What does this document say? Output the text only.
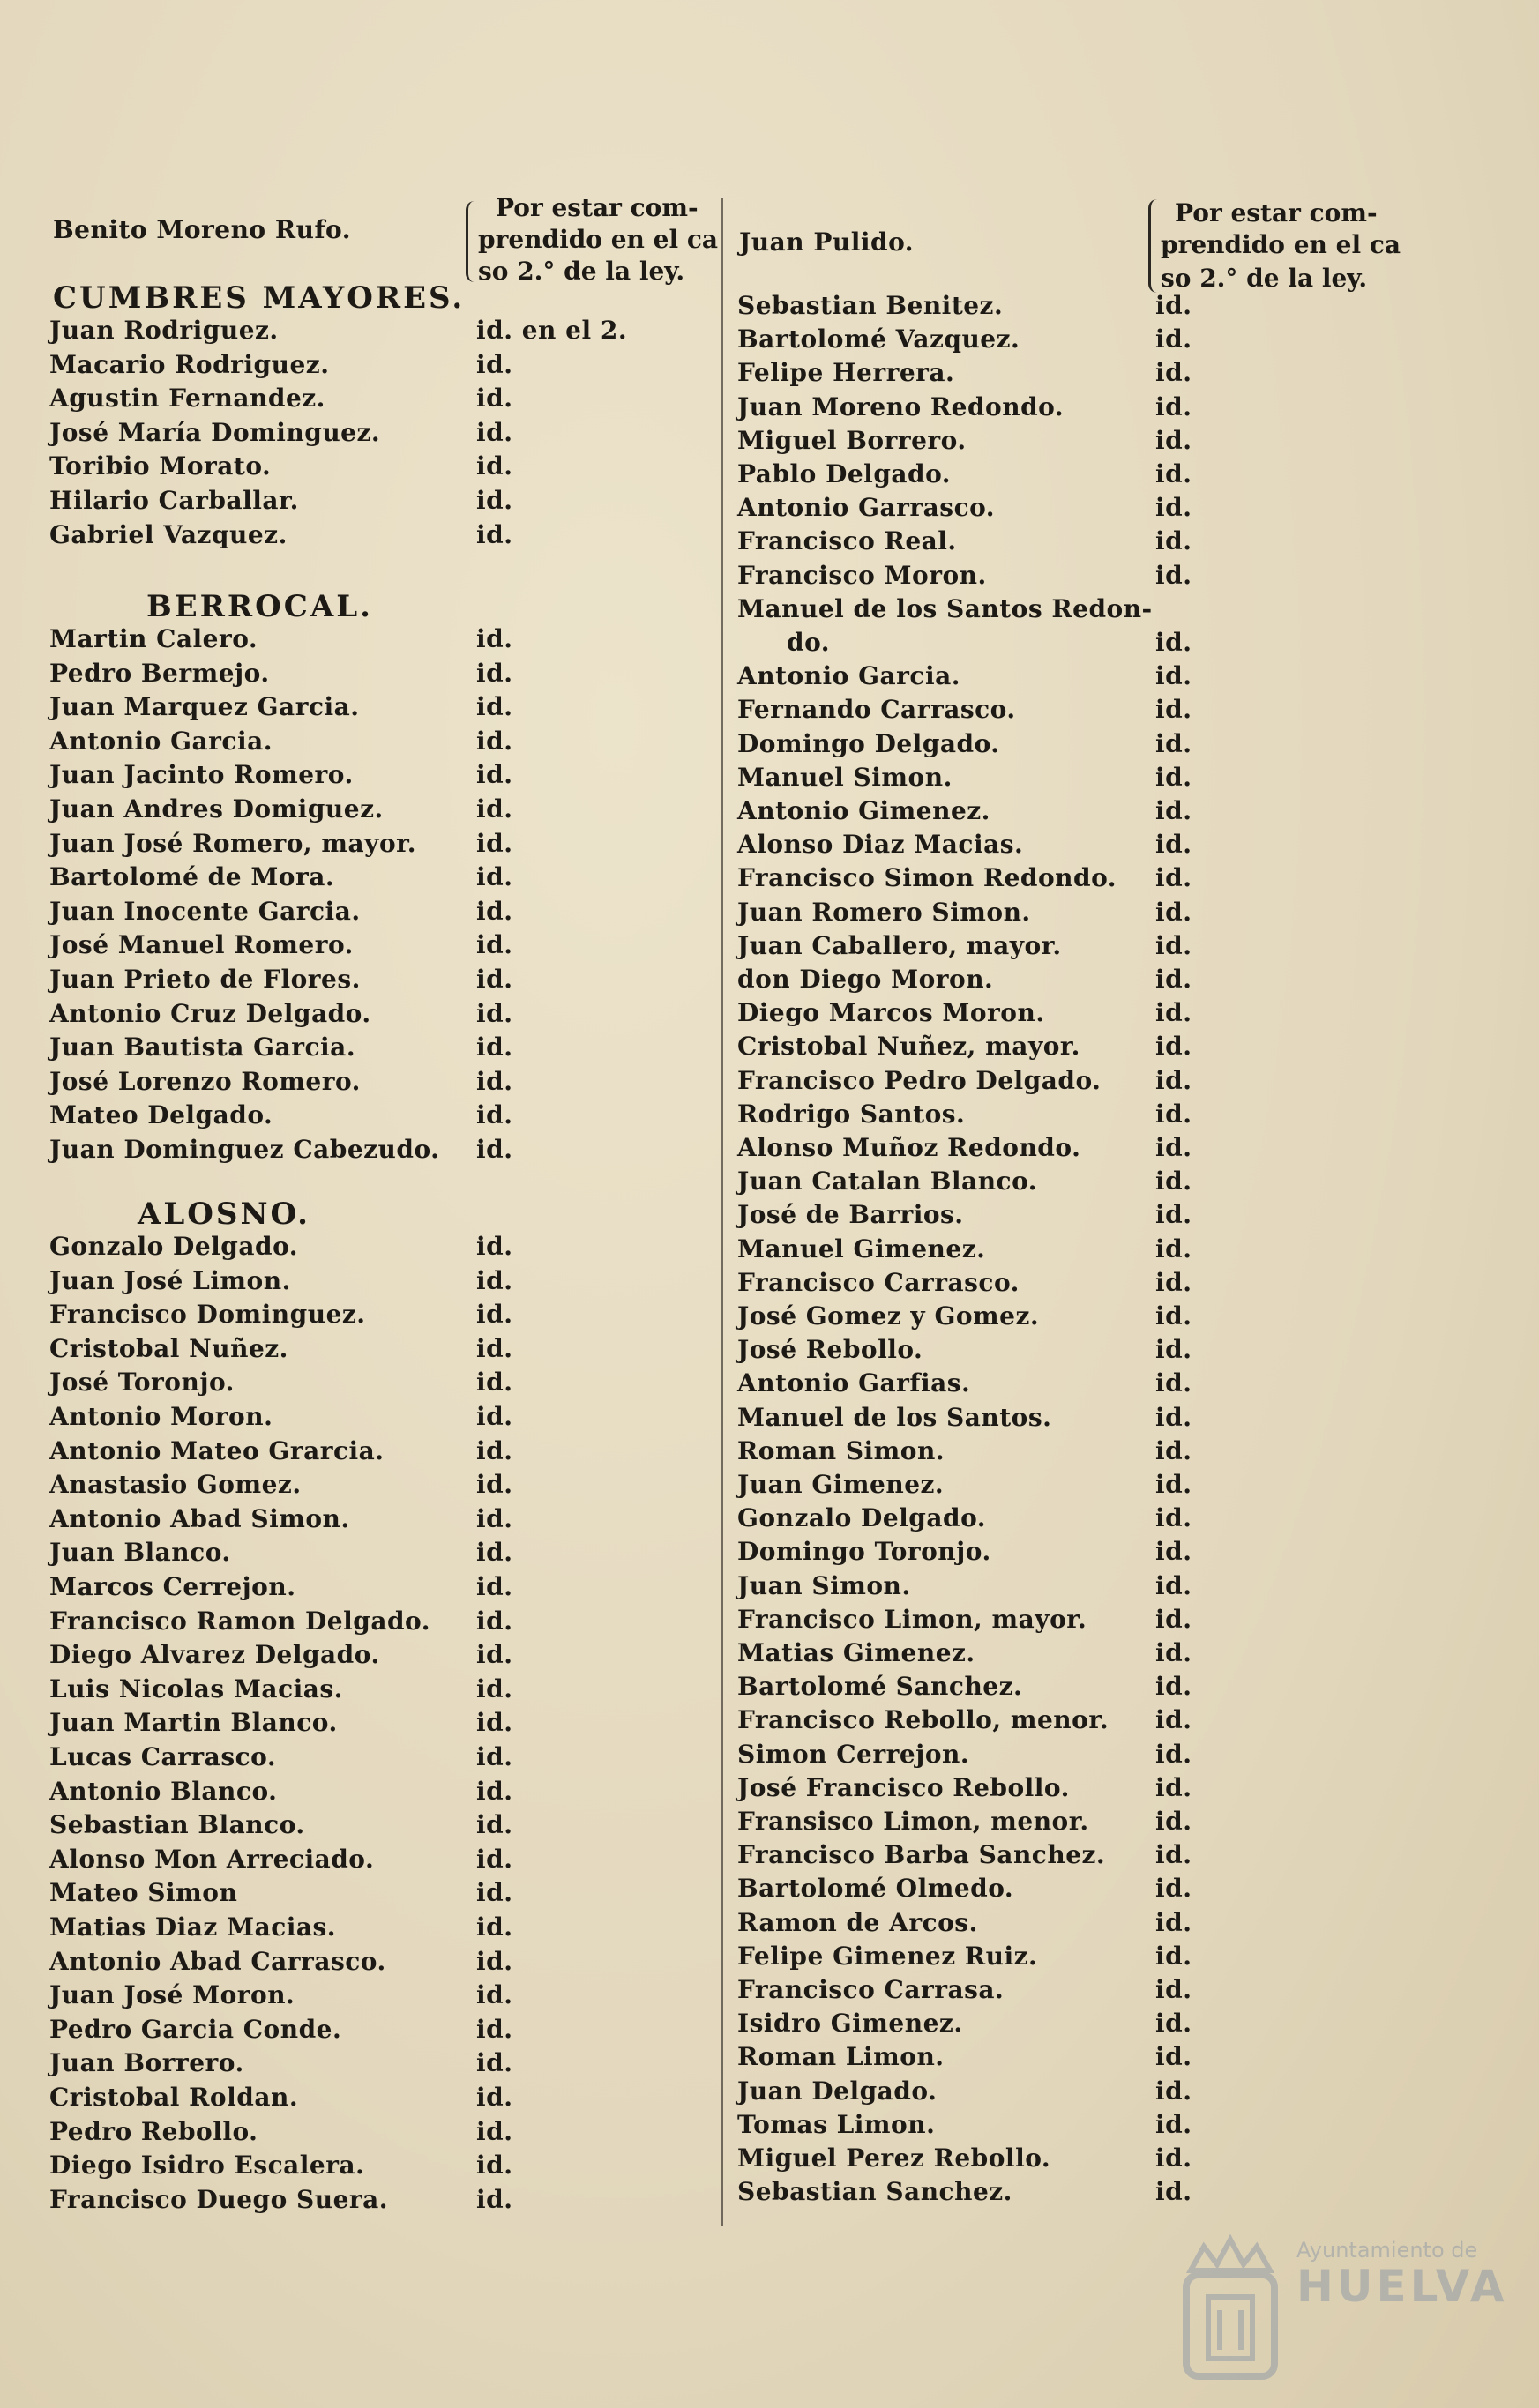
Benito Moreno Rufo.
Por estar com-
prendido en el ca
so 2.° de la ley.
Juan Pulido.
Por estar com-
prendido en el ca
so 2.° de la ley.
CUMBRES MAYORES.
Juan Rodriguez.	id. en el 2.
Macario Rodriguez.	id.
Agustin Fernandez.	id.
José María Dominguez.	id.
Toribio Morato.	id.
Hilario Carballar.	id.
Gabriel Vazquez.	id.
BERROCAL.
Martin Calero.	id.
Pedro Bermejo.	id.
Juan Marquez Garcia.	id.
Antonio Garcia.	id.
Juan Jacinto Romero.	id.
Juan Andres Domiguez.	id.
Juan José Romero, mayor. id.
Bartolomé de Mora.	id.
Juan Inocente Garcia.	id.
José Manuel Romero.	id.
Juan Prieto de Flores.	id.
Antonio Cruz Delgado.	id.
Juan Bautista Garcia.	id.
José Lorenzo Romero.	id.
Mateo Delgado.	id.
Juan Dominguez Cabezudo. id.
ALOSNO.
Gonzalo Delgado.	id.
Juan José Limon.	id.
Francisco Dominguez.	id.
Cristobal Nuñez.	id.
José Toronjo.	id.
Antonio Moron.	id.
Antonio Mateo Grarcia.	id.
Anastasio Gomez.	id.
Antonio Abad Simon.	id.
Juan Blanco.	id.
Marcos Cerrejon.	id.
Francisco Ramon Delgado. id.
Diego Alvarez Delgado.	id.
Luis Nicolas Macias.	id.
Juan Martin Blanco.	id.
Lucas Carrasco.	id.
Antonio Blanco.	id.
Sebastian Blanco.	id.
Alonso Mon Arreciado.	id.
Mateo Simon	id.
Matias Diaz Macias.	id.
Antonio Abad Carrasco.	id.
Juan José Moron.	id.
Pedro Garcia Conde.	id.
Juan Borrero.	id.
Cristobal Roldan.	id.
Pedro Rebollo.	id.
Diego Isidro Escalera.	id.
Francisco Duego Suera.	id.
Sebastian Benitez.	id.
Bartolomé Vazquez.	id.
Felipe Herrera.	id.
Juan Moreno Redondo.	id.
Miguel Borrero.	id.
Pablo Delgado.	id.
Antonio Garrasco.	id.
Francisco Real.	id.
Francisco Moron.	id.
Manuel de los Santos Redon-
do.	id.
Antonio Garcia.	id.
Fernando Carrasco.	id.
Domingo Delgado.	id.
Manuel Simon.	id.
Antonio Gimenez.	id.
Alonso Diaz Macias.	id.
Francisco Simon Redondo. id.
Juan Romero Simon.	id.
Juan Caballero, mayor.	id.
don Diego Moron.	id.
Diego Marcos Moron.	id.
Cristobal Nuñez, mayor.	id.
Francisco Pedro Delgado. id.
Rodrigo Santos.	id.
Alonso Muñoz Redondo.	id.
Juan Catalan Blanco.	id.
José de Barrios.	id.
Manuel Gimenez.	id.
Francisco Carrasco.	id.
José Gomez y Gomez.	id.
José Rebollo.	id.
Antonio Garfias.	id.
Manuel de los Santos.	id.
Roman Simon.	id.
Juan Gimenez.	id.
Gonzalo Delgado.	id.
Domingo Toronjo.	id.
Juan Simon.	id.
Francisco Limon, mayor.	id.
Matias Gimenez.	id.
Bartolomé Sanchez.	id.
Francisco Rebollo, menor. id.
Simon Cerrejon.	id.
José Francisco Rebollo.	id.
Fransisco Limon, menor.	id.
Francisco Barba Sanchez. id.
Bartolomé Olmedo.	id.
Ramon de Arcos.	id.
Felipe Gimenez Ruiz.	id.
Francisco Carrasa.	id.
Isidro Gimenez.	id.
Roman Limon.	id.
Juan Delgado.	id.
Tomas Limon.	id.
Miguel Perez Rebollo.	id.
Sebastian Sanchez.	id.
Ayuntamiento de
HUELVA
